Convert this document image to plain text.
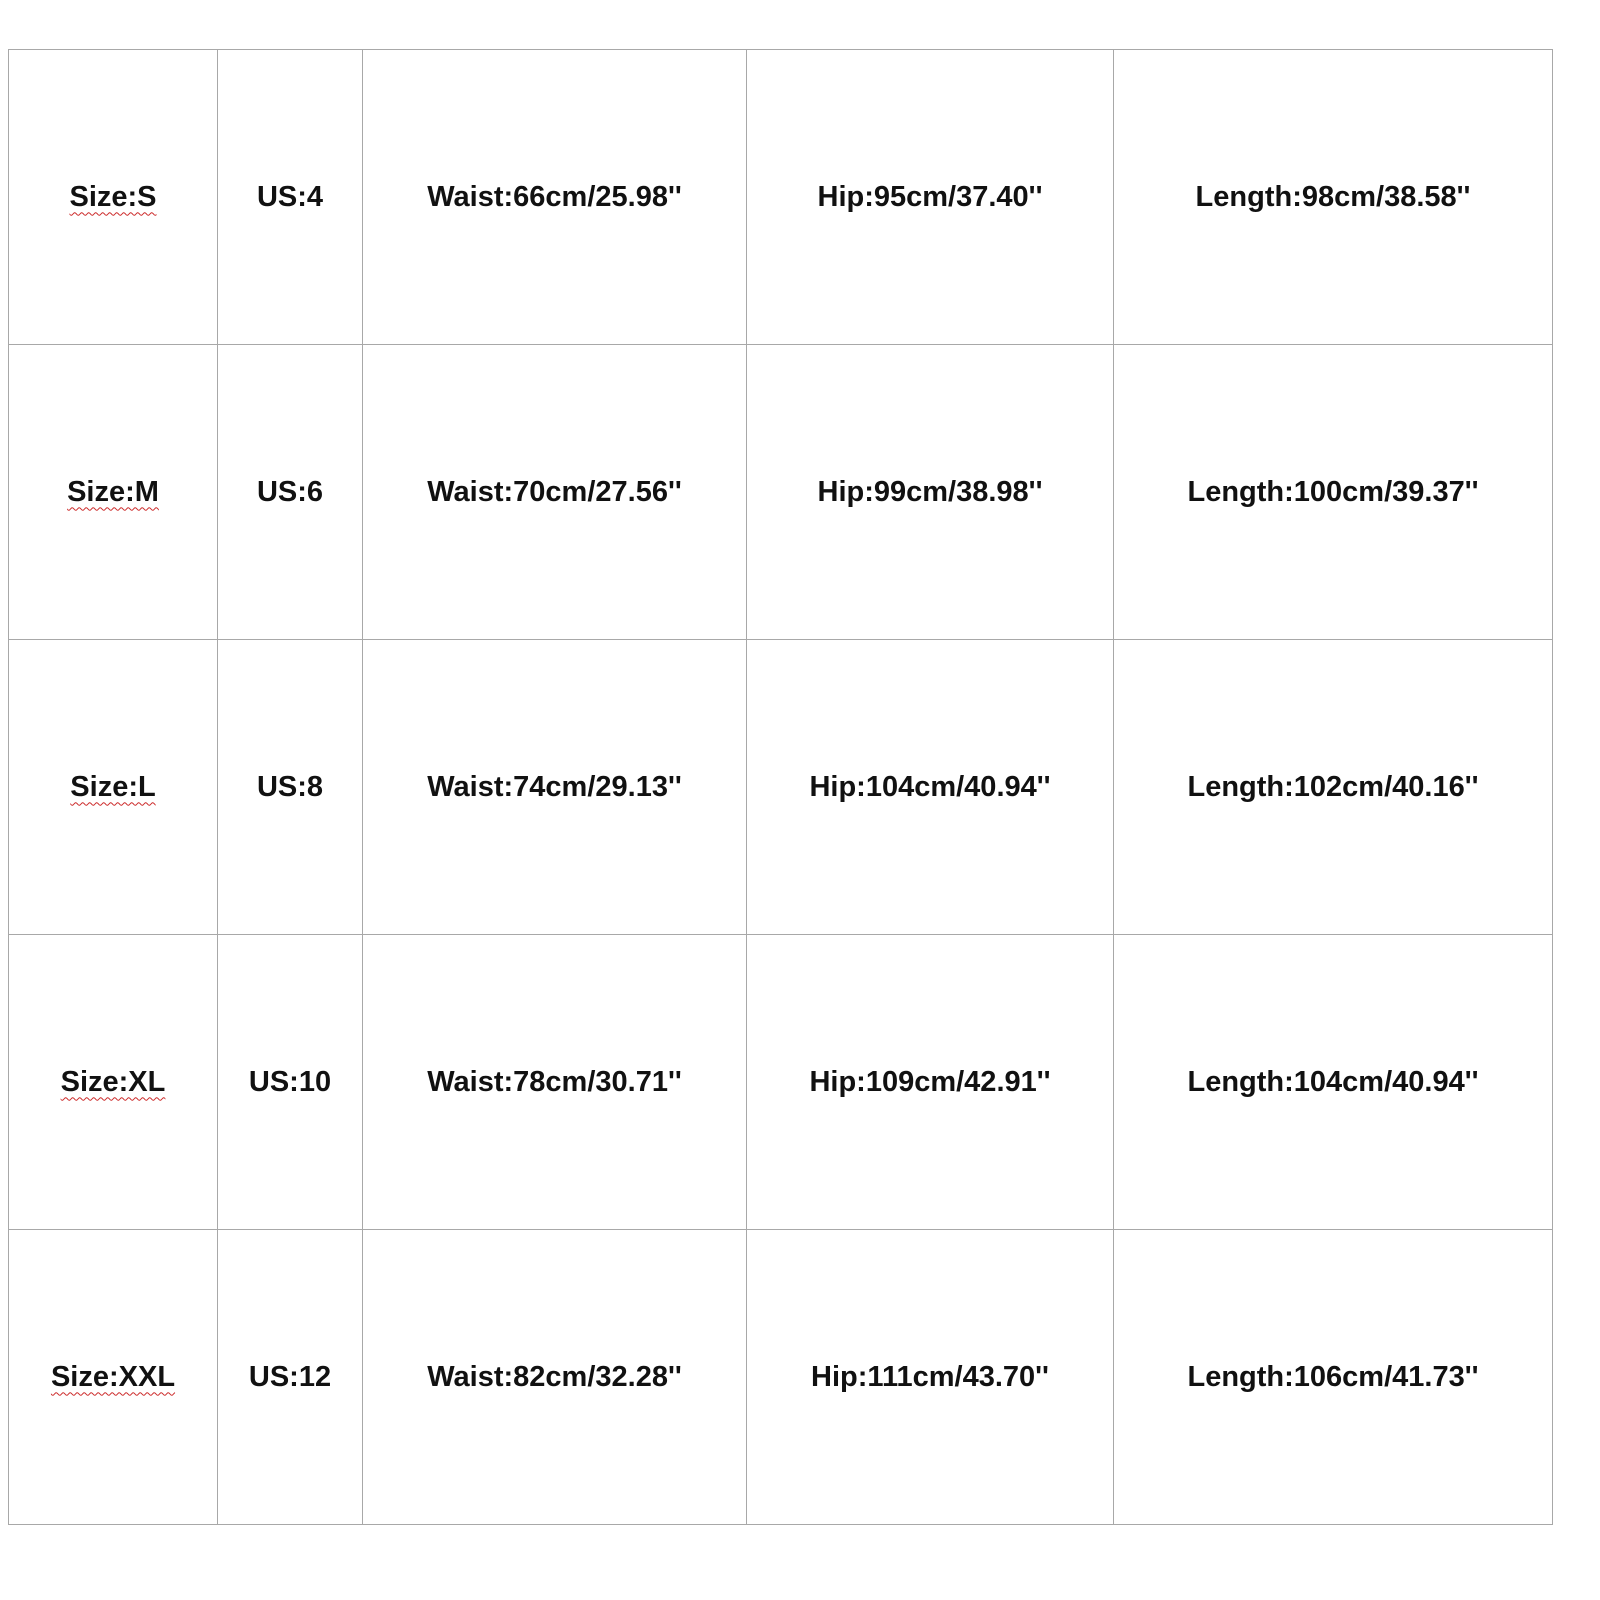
Size:S	US:4	Waist:66cm/25.98''	Hip:95cm/37.40''	Length:98cm/38.58''
Size:M	US:6	Waist:70cm/27.56''	Hip:99cm/38.98''	Length:100cm/39.37''
Size:L	US:8	Waist:74cm/29.13''	Hip:104cm/40.94''	Length:102cm/40.16''
Size:XL	US:10	Waist:78cm/30.71''	Hip:109cm/42.91''	Length:104cm/40.94''
Size:XXL	US:12	Waist:82cm/32.28''	Hip:111cm/43.70''	Length:106cm/41.73''
